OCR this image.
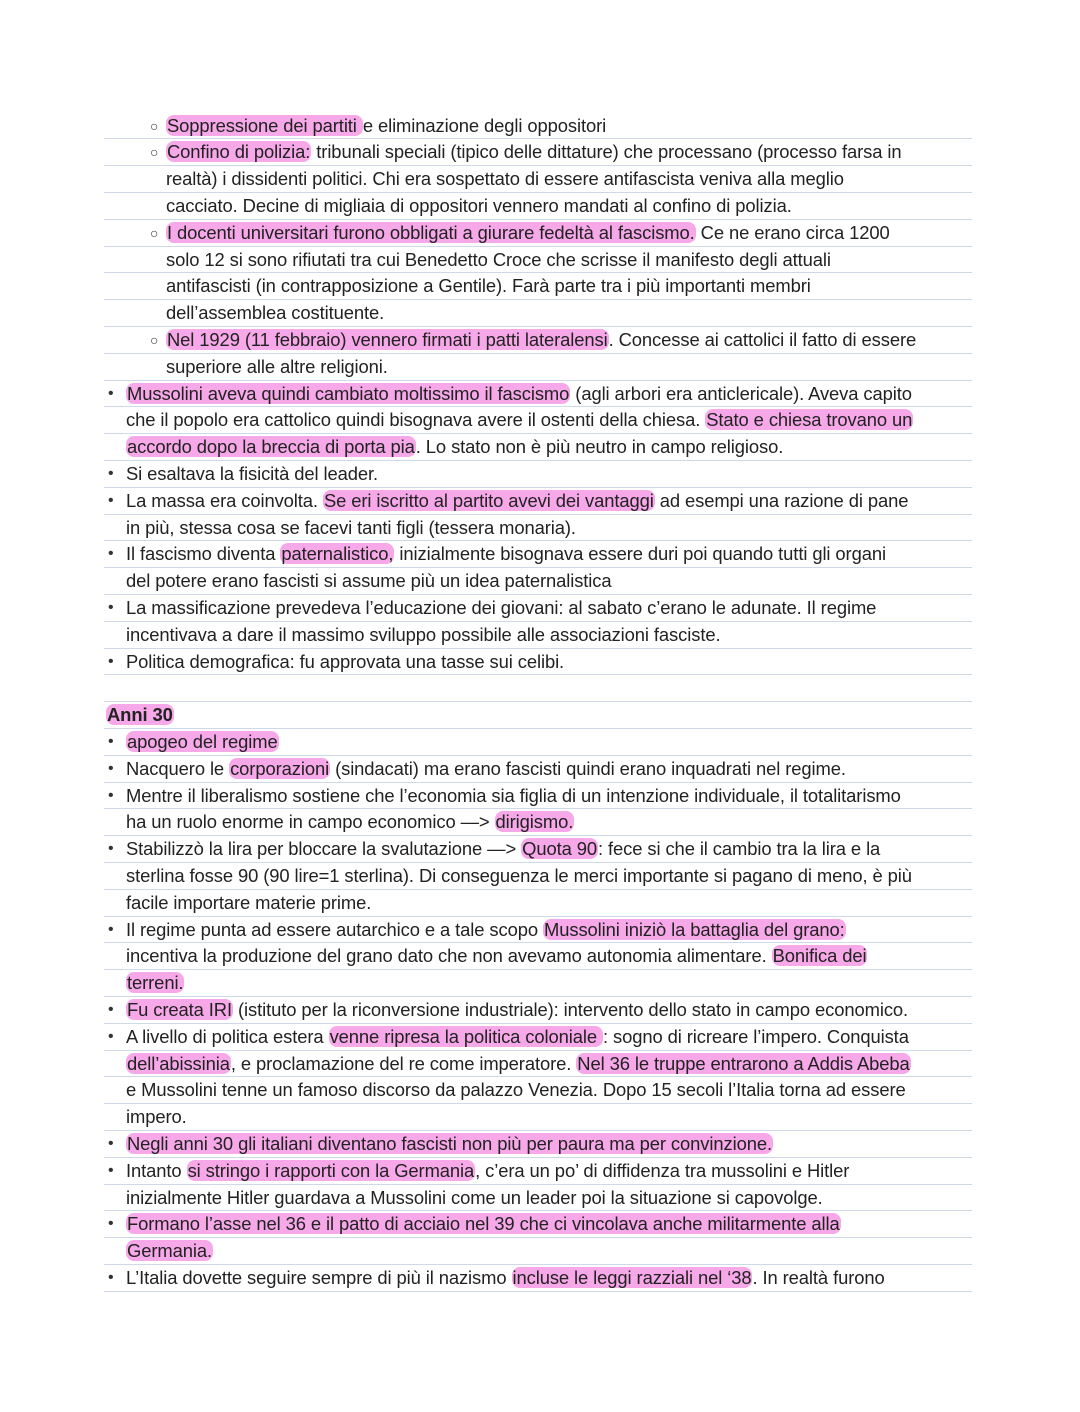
○ Soppressione dei partiti e eliminazione degli oppositori
○ Confino di polizia: tribunali speciali (tipico delle dittature) che processano (processo farsa in
realtà) i dissidenti politici. Chi era sospettato di essere antifascista veniva alla meglio
cacciato. Decine di migliaia di oppositori vennero mandati al confino di polizia.
○ I docenti universitari furono obbligati a giurare fedeltà al fascismo. Ce ne erano circa 1200
solo 12 si sono rifiutati tra cui Benedetto Croce che scrisse il manifesto degli attuali
antifascisti (in contrapposizione a Gentile). Farà parte tra i più importanti membri
dell’assemblea costituente.
○ Nel 1929 (11 febbraio) vennero firmati i patti lateralensi. Concesse ai cattolici il fatto di essere
superiore alle altre religioni.
• Mussolini aveva quindi cambiato moltissimo il fascismo (agli arbori era anticlericale). Aveva capito
che il popolo era cattolico quindi bisognava avere il ostenti della chiesa. Stato e chiesa trovano un
accordo dopo la breccia di porta pia. Lo stato non è più neutro in campo religioso.
• Si esaltava la fisicità del leader.
• La massa era coinvolta. Se eri iscritto al partito avevi dei vantaggi ad esempi una razione di pane
in più, stessa cosa se facevi tanti figli (tessera monaria).
• Il fascismo diventa paternalistico, inizialmente bisognava essere duri poi quando tutti gli organi
del potere erano fascisti si assume più un idea paternalistica
• La massificazione prevedeva l’educazione dei giovani: al sabato c’erano le adunate. Il regime
incentivava a dare il massimo sviluppo possibile alle associazioni fasciste.
• Politica demografica: fu approvata una tasse sui celibi.
Anni 30
• apogeo del regime
• Nacquero le corporazioni (sindacati) ma erano fascisti quindi erano inquadrati nel regime.
• Mentre il liberalismo sostiene che l’economia sia figlia di un intenzione individuale, il totalitarismo
ha un ruolo enorme in campo economico —> dirigismo.
• Stabilizzò la lira per bloccare la svalutazione —> Quota 90: fece si che il cambio tra la lira e la
sterlina fosse 90 (90 lire=1 sterlina). Di conseguenza le merci importante si pagano di meno, è più
facile importare materie prime.
• Il regime punta ad essere autarchico e a tale scopo Mussolini iniziò la battaglia del grano:
incentiva la produzione del grano dato che non avevamo autonomia alimentare. Bonifica dei
terreni.
• Fu creata IRI (istituto per la riconversione industriale): intervento dello stato in campo economico.
• A livello di politica estera venne ripresa la politica coloniale : sogno di ricreare l’impero. Conquista
dell’abissinia, e proclamazione del re come imperatore. Nel 36 le truppe entrarono a Addis Abeba
e Mussolini tenne un famoso discorso da palazzo Venezia. Dopo 15 secoli l’Italia torna ad essere
impero.
• Negli anni 30 gli italiani diventano fascisti non più per paura ma per convinzione.
• Intanto si stringo i rapporti con la Germania, c’era un po’ di diffidenza tra mussolini e Hitler
inizialmente Hitler guardava a Mussolini come un leader poi la situazione si capovolge.
• Formano l’asse nel 36 e il patto di acciaio nel 39 che ci vincolava anche militarmente alla
Germania.
• L’Italia dovette seguire sempre di più il nazismo incluse le leggi razziali nel ‘38. In realtà furono
